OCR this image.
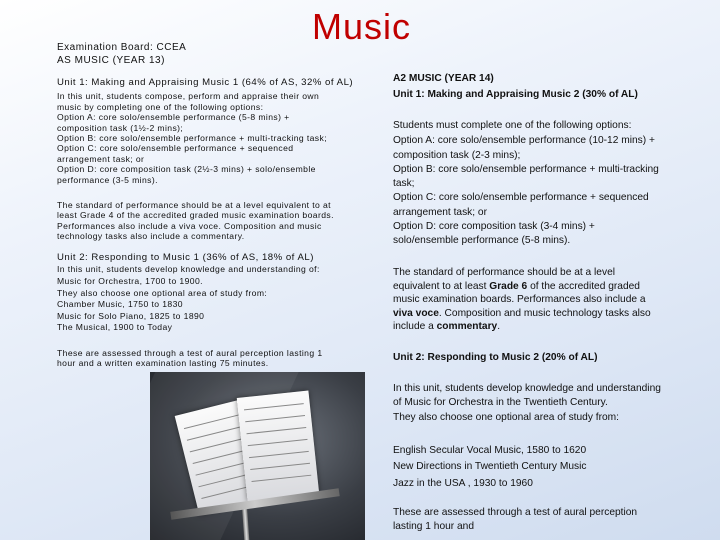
Music
Examination Board: CCEA
AS MUSIC (YEAR 13)
Unit 1: Making and Appraising Music 1 (64% of AS, 32% of AL)
In this unit, students compose, perform and appraise their own
music by completing one of the following options:
Option A: core solo/ensemble performance (5-8 mins) +
composition task (1½-2 mins);
Option B: core solo/ensemble performance + multi-tracking task;
Option C: core solo/ensemble performance + sequenced
arrangement task; or
Option D: core composition task (2½-3 mins) + solo/ensemble
performance (3-5 mins).
The standard of performance should be at a level equivalent to at
least Grade 4 of the accredited graded music examination boards.
Performances also include a viva voce. Composition and music
technology tasks also include a commentary.
Unit 2: Responding to Music 1 (36% of AS, 18% of AL)
In this unit, students develop knowledge and understanding of:
Music for Orchestra, 1700 to 1900.
They also choose one optional area of study from:
Chamber Music, 1750 to 1830
Music for Solo Piano, 1825 to 1890
The Musical, 1900 to Today
These are assessed through a test of aural perception lasting 1
hour and a written examination lasting 75 minutes.
A2 MUSIC (YEAR 14)
Unit 1: Making and Appraising Music 2 (30% of AL)
Students must complete one of the following options:
Option A: core solo/ensemble performance (10-12 mins) +
composition task (2-3 mins);
Option B: core solo/ensemble performance + multi-tracking
task;
Option C: core solo/ensemble performance + sequenced
arrangement task; or
Option D: core composition task (3-4 mins) +
solo/ensemble performance (5-8 mins).
The standard of performance should be at a level
equivalent to at least Grade 6 of the accredited graded
music examination boards. Performances also include a
viva voce. Composition and music technology tasks also
include a commentary.
Unit 2: Responding to Music 2 (20% of AL)
In this unit, students develop knowledge and understanding
of Music for Orchestra in the Twentieth Century.
They also choose one optional area of study from:
English Secular Vocal Music, 1580 to 1620
New Directions in Twentieth Century Music
Jazz in the USA , 1930 to 1960
These are assessed through a test of aural perception
lasting 1 hour and
